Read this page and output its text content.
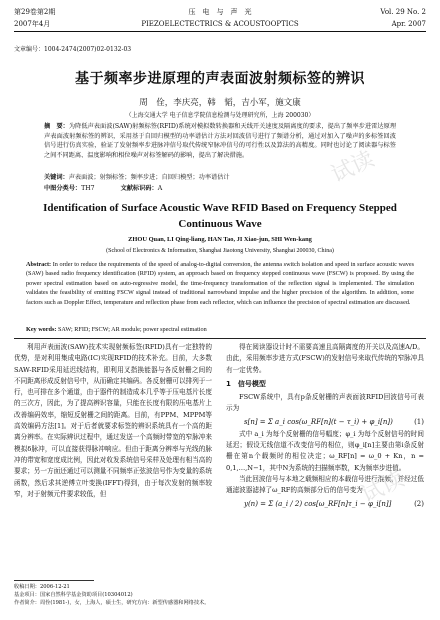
第29卷第2期	压　电　与　声　光	Vol. 29 No. 2
2007年4月	PIEZOELECTECTRICS & ACOUSTOOPTICS	Apr. 2007
文章编号：1004-2474(2007)02-0132-03
基于频率步进原理的声表面波射频标签的辨识
周　佺，李庆亮，韩　韬，吉小军，施文康
（上海交通大学 电子信息学院信息检测与处理研究所，上海 200030）
摘　要：为降低声表面波(SAW)射频标签(RFID)系统对模拟数转换器和天线开关速度及隔离度的要求，提出了频率步进雷达原理声表面波射频标签的辨识，采用基于自回归模型的功率谱估计方法对回波信号进行了频谱分析，通过对加入了噪声的多标签回波信号进行仿真实验，验证了发射频率步进脉冲信号取代传统窄脉冲信号的可行性以及算法的高精度。同时也讨论了阅读器与标签之间不同距离、温度影响和相位噪声对标签解码的影响，提出了解决措施。
关键词：声表面波；射频标签；频率步进；自回归模型；功率谱估计
中图分类号：TH7	文献标识码：A
Identification of Surface Acoustic Wave RFID Based on Frequency Stepped Continuous Wave
ZHOU Quan, LI Qing-liang, HAN Tao, JI Xiao-jun, SHI Wen-kang
(School of Electronics & Information, Shanghai Jiaotong University, Shanghai 200030, China)
Abstract: In order to reduce the requirements of the speed of analog-to-digital conversion, the antenna switch isolation and speed in surface acoustic waves (SAW) based radio frequency identification (RFID) system, an approach based on frequency stepped continuous wave (FSCW) is proposed. By using the power spectral estimation based on auto-regressive model, the time-frequency transformation of the reflection signal is implemented. The simulation validates the feasibility of emitting FSCW signal instead of traditional narrowband impulse and the higher precision of the algorithm. In addition, some factors such as Doppler Effect, temperature and reflection phase from each reflector, which can influence the precision of spectral estimation are discussed.
Key words: SAW; RFID; FSCW; AR module; power spectral estimation

利用声表面波(SAW)技术实现射频标签(RFID)具有一定独特的优势，是对利用集成电路(IC)实现RFID的技术补充。目前，大多数SAW-RFID采用延迟线结构，即利用叉指换能器与各反射栅之间的不同距离形成反射信号中，从而确定其编码。各反射栅可以排列于一行，也可排在多个通道，由于器件的制造成本几乎等于压电基片长度的三次方，因此，为了提高辨识容量，只能在长度有限的压电基片上改善编码效率，缩短反射栅之间的距离。目前，有PPM、MPPM等高效编码方法[1]。对于后者就要求标签的辨识系统具有一个高的距离分辨率。在实际辨识过程中，通过发送一个高频时带宽的窄脉冲来模拟δ脉冲，可以直接获得脉冲响应。但由于距离分辨率与光线的脉冲的带宽和宽度成比例，因此对收发系统信号采样及处理有相当高的要求；另一方面还通过可以测量不同频率正弦波信号作为变量的系统函数，然后求其逆傅立叶变换(IFFT)得到，由于每次发射的频率较窄，对于射频元件要求较低，但

得在阅读器设计时不需要高速且高隔离度的开关以及高速A/D。由此，采用频率步进方式(FSCW)的发射信号来取代传统的窄脉冲具有一定优势。

1　信号模型

FSCW系统中，具有p条反射栅的声表面波RFID回波信号可表示为

s[n] = Σ a_i cos(ω_RF[n](t − τ_i) + φ_i[n])	(1)

式中 a_i 为每个反射栅的信号幅度；φ_i 为每个反射信号的时间延迟；假设无线信道不改变信号的相位，则φ_i[n]主要由第i条反射栅在第n个载频时的相位决定；ω_RF[n] = ω_0 + Kn，n = 0,1,…,N−1，其中N为系统的扫描频率数，K为频率步进值。

当此回波信号与本地之载频相应的本载信号进行混频，并经过低通滤波器滤掉了ω_RF的高频部分后的信号变为

y(n) = Σ (a_i / 2) cos[ω_RF[n]τ_i − φ_i[n]]	(2)
收稿日期：2006-12-21
基金项目：国家自然科学基金资助项目(10304012)
作者简介：周佺(1981-)，女，上海人，硕士生，研究方向：新型传感器和网络技术。
试读
试读
